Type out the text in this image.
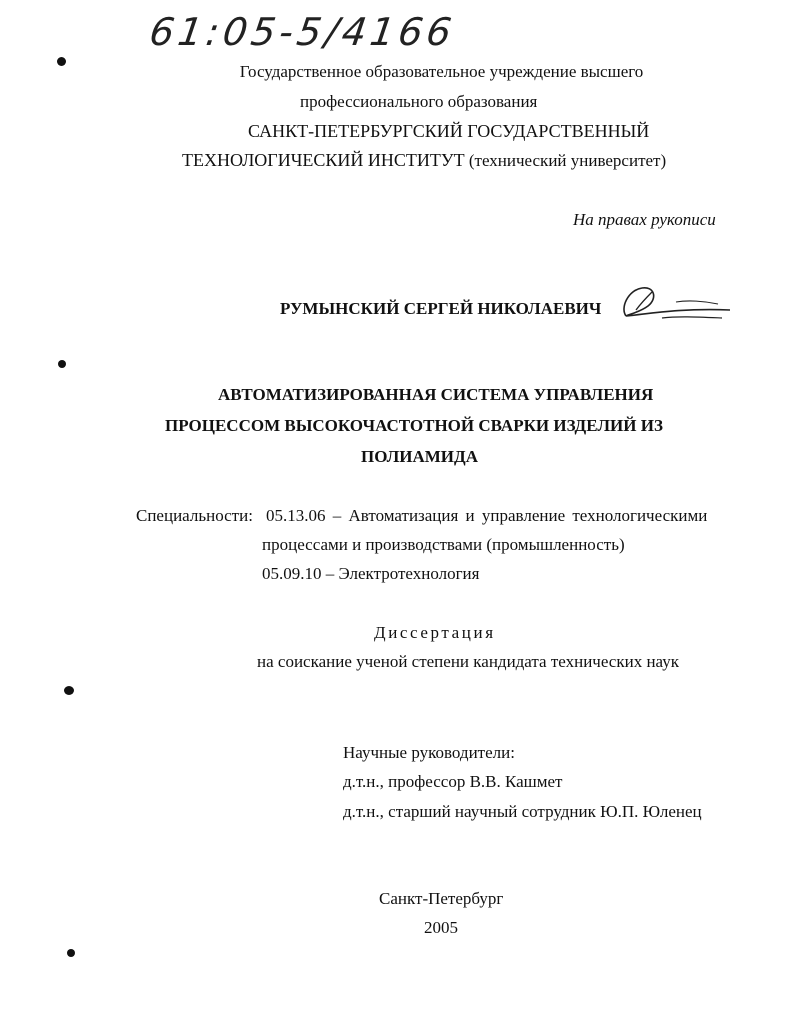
61:05-5/4166
Государственное образовательное учреждение высшего
профессионального образования
САНКТ-ПЕТЕРБУРГСКИЙ ГОСУДАРСТВЕННЫЙ
ТЕХНОЛОГИЧЕСКИЙ ИНСТИТУТ (технический университет)
На правах рукописи
РУМЫНСКИЙ СЕРГЕЙ НИКОЛАЕВИЧ
АВТОМАТИЗИРОВАННАЯ СИСТЕМА УПРАВЛЕНИЯ
ПРОЦЕССОМ ВЫСОКОЧАСТОТНОЙ СВАРКИ ИЗДЕЛИЙ ИЗ
ПОЛИАМИДА
Специальности: 05.13.06 – Автоматизация и управление технологическими
процессами и производствами (промышленность)
05.09.10 – Электротехнология
Диссертация
на соискание ученой степени кандидата технических наук
Научные руководители:
д.т.н., профессор В.В. Кашмет
д.т.н., старший научный сотрудник Ю.П. Юленец
Санкт-Петербург
2005
